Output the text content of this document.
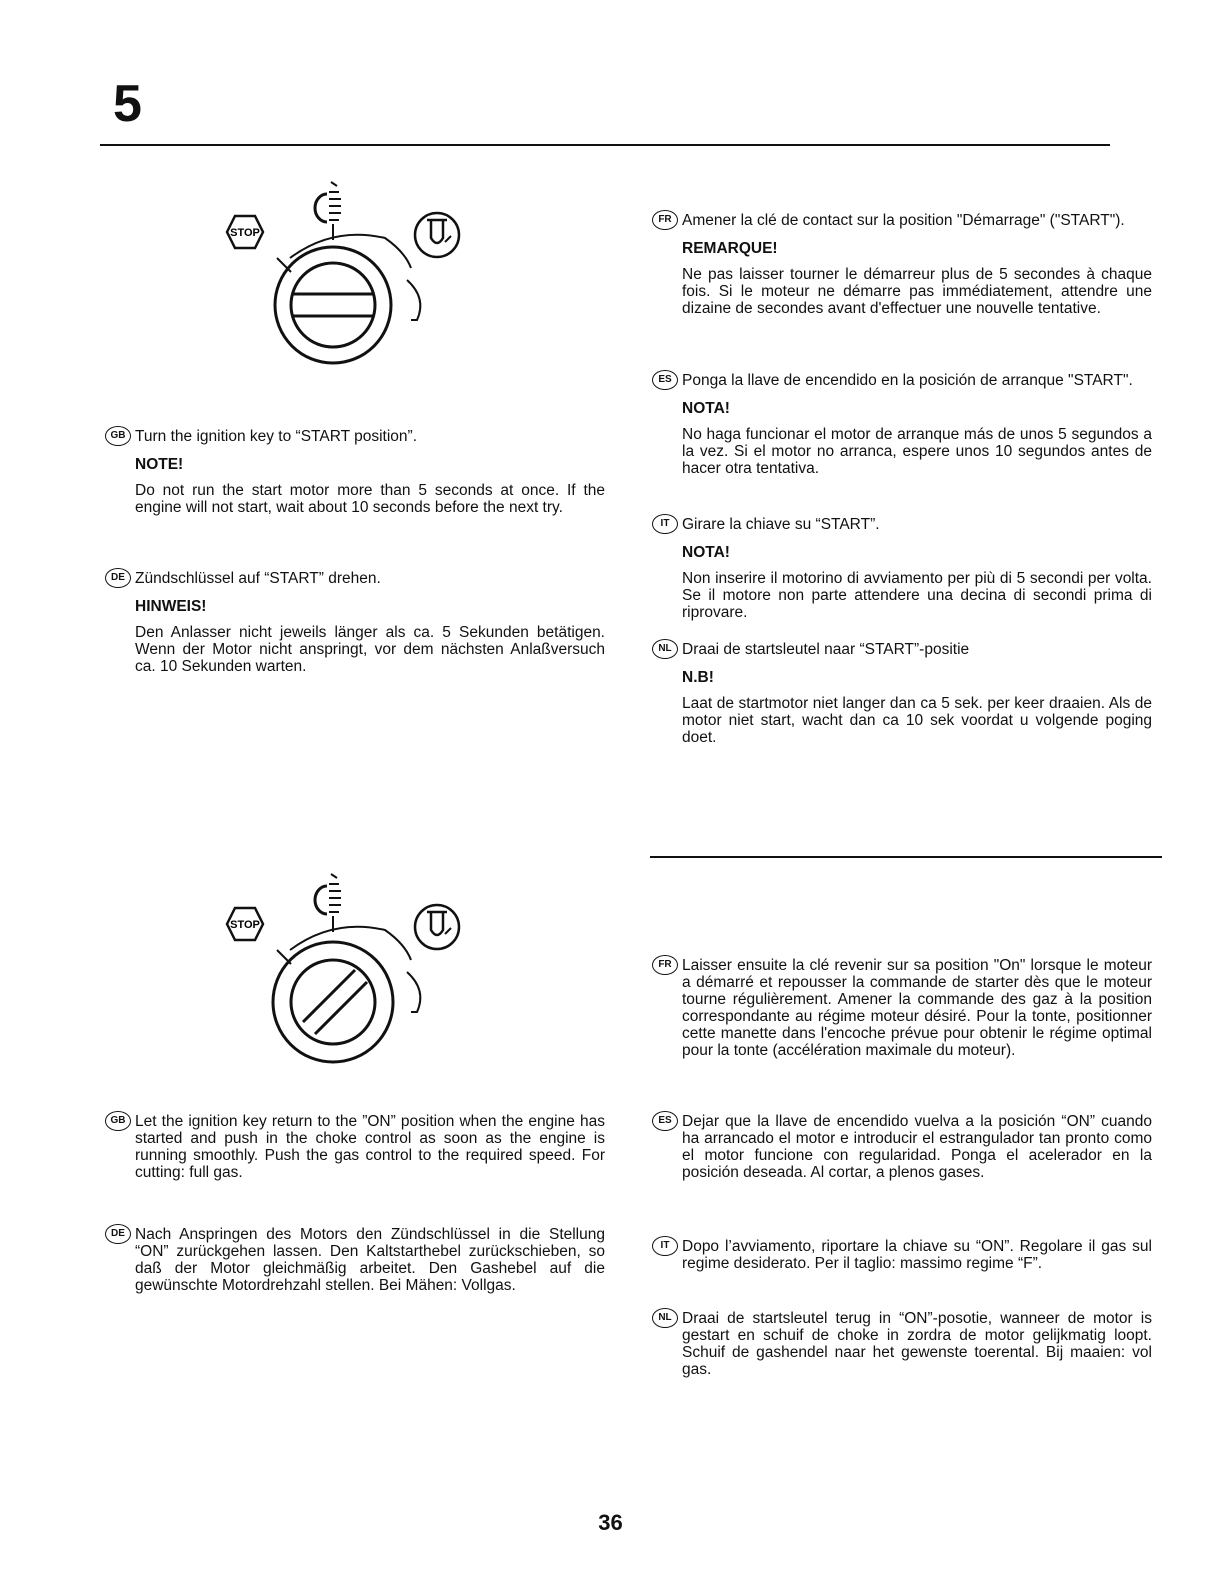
5
STOP
GB Turn the ignition key to “START position”.
NOTE!
Do not run the start motor more than 5 seconds at once. If the engine will not start, wait about 10 seconds before the next try.
DE Zündschlüssel auf “START” drehen.
HINWEIS!
Den Anlasser nicht jeweils länger als ca. 5 Sekunden betätigen. Wenn der Motor nicht anspringt, vor dem nächsten Anlaßversuch ca. 10 Sekunden warten.
FR Amener la clé de contact sur la position "Démarrage" ("START").
REMARQUE!
Ne pas laisser tourner le démarreur plus de 5 secondes à chaque fois. Si le moteur ne démarre pas immédiatement, attendre une dizaine de secondes avant d'effectuer une nouvelle tentative.
ES Ponga la llave de encendido en la posición de arranque "START".
NOTA!
No haga funcionar el motor de arranque más de unos 5 segundos a la vez. Si el motor no arranca, espere unos 10 segundos antes de hacer otra tentativa.
IT Girare la chiave su “START”.
NOTA!
Non inserire il motorino di avviamento per più di 5 secondi per volta. Se il motore non parte attendere una decina di secondi prima di riprovare.
NL Draai de startsleutel naar “START”-positie
N.B!
Laat de startmotor niet langer dan ca 5 sek. per keer draaien. Als de motor niet start, wacht dan ca 10 sek voordat u volgende poging doet.
STOP
GB Let the ignition key return to the ”ON” position when the engine has started and push in the choke control as soon as the engine is running smoothly. Push the gas control to the required speed. For cutting: full gas.
DE Nach Anspringen des Motors den Zündschlüssel in die Stellung “ON” zurückgehen lassen. Den Kaltstarthebel zurückschieben, so daß der Motor gleichmäßig arbeitet. Den Gashebel auf die gewünschte Motordrehzahl stellen. Bei Mähen: Vollgas.
FR Laisser ensuite la clé revenir sur sa position "On" lorsque le moteur a démarré et repousser la commande de starter dès que le moteur tourne régulièrement. Amener la commande des gaz à la position correspondante au régime moteur désiré. Pour la tonte, positionner cette manette dans l'encoche prévue pour obtenir le régime optimal pour la tonte (accélération maximale du moteur).
ES Dejar que la llave de encendido vuelva a la posición “ON” cuando ha arrancado el motor e introducir el estrangulador tan pronto como el motor funcione con regularidad. Ponga el acelerador en la posición deseada. Al cortar, a plenos gases.
IT Dopo l’avviamento, riportare la chiave su “ON”. Regolare il gas sul regime desiderato. Per il taglio: massimo regime “F”.
NL Draai de startsleutel terug in “ON”-posotie, wanneer de motor is gestart en schuif de choke in zordra de motor gelijkmatig loopt. Schuif de gashendel naar het gewenste toerental. Bij maaien: vol gas.
36
